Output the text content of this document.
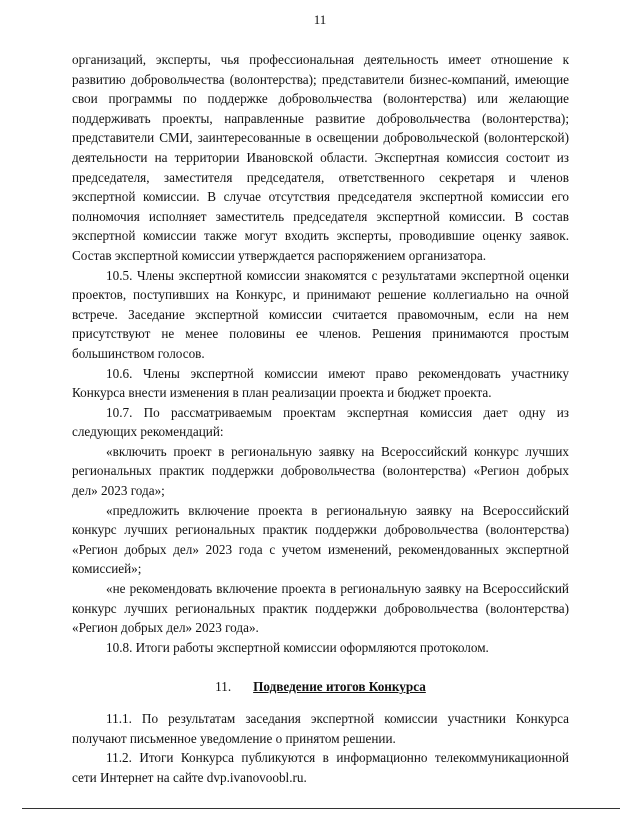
11

организаций, эксперты, чья профессиональная деятельность имеет отношение к развитию добровольчества (волонтерства); представители бизнес-компаний, имеющие свои программы по поддержке добровольчества (волонтерства) или желающие поддерживать проекты, направленные развитие добровольчества (волонтерства); представители СМИ, заинтересованные в освещении добровольческой (волонтерской) деятельности на территории Ивановской области. Экспертная комиссия состоит из председателя, заместителя председателя, ответственного секретаря и членов экспертной комиссии. В случае отсутствия председателя экспертной комиссии его полномочия исполняет заместитель председателя экспертной комиссии. В состав экспертной комиссии также могут входить эксперты, проводившие оценку заявок. Состав экспертной комиссии утверждается распоряжением организатора.

10.5. Члены экспертной комиссии знакомятся с результатами экспертной оценки проектов, поступивших на Конкурс, и принимают решение коллегиально на очной встрече. Заседание экспертной комиссии считается правомочным, если на нем присутствуют не менее половины ее членов. Решения принимаются простым большинством голосов.

10.6. Члены экспертной комиссии имеют право рекомендовать участнику Конкурса внести изменения в план реализации проекта и бюджет проекта.

10.7. По рассматриваемым проектам экспертная комиссия дает одну из следующих рекомендаций:

«включить проект в региональную заявку на Всероссийский конкурс лучших региональных практик поддержки добровольчества (волонтерства) «Регион добрых дел» 2023 года»;

«предложить включение проекта в региональную заявку на Всероссийский конкурс лучших региональных практик поддержки добровольчества (волонтерства) «Регион добрых дел» 2023 года с учетом изменений, рекомендованных экспертной комиссией»;

«не рекомендовать включение проекта в региональную заявку на Всероссийский конкурс лучших региональных практик поддержки добровольчества (волонтерства) «Регион добрых дел» 2023 года».

10.8. Итоги работы экспертной комиссии оформляются протоколом.

11. Подведение итогов Конкурса

11.1. По результатам заседания экспертной комиссии участники Конкурса получают письменное уведомление о принятом решении.

11.2. Итоги Конкурса публикуются в информационно телекоммуникационной сети Интернет на сайте dvp.ivanovoobl.ru.
